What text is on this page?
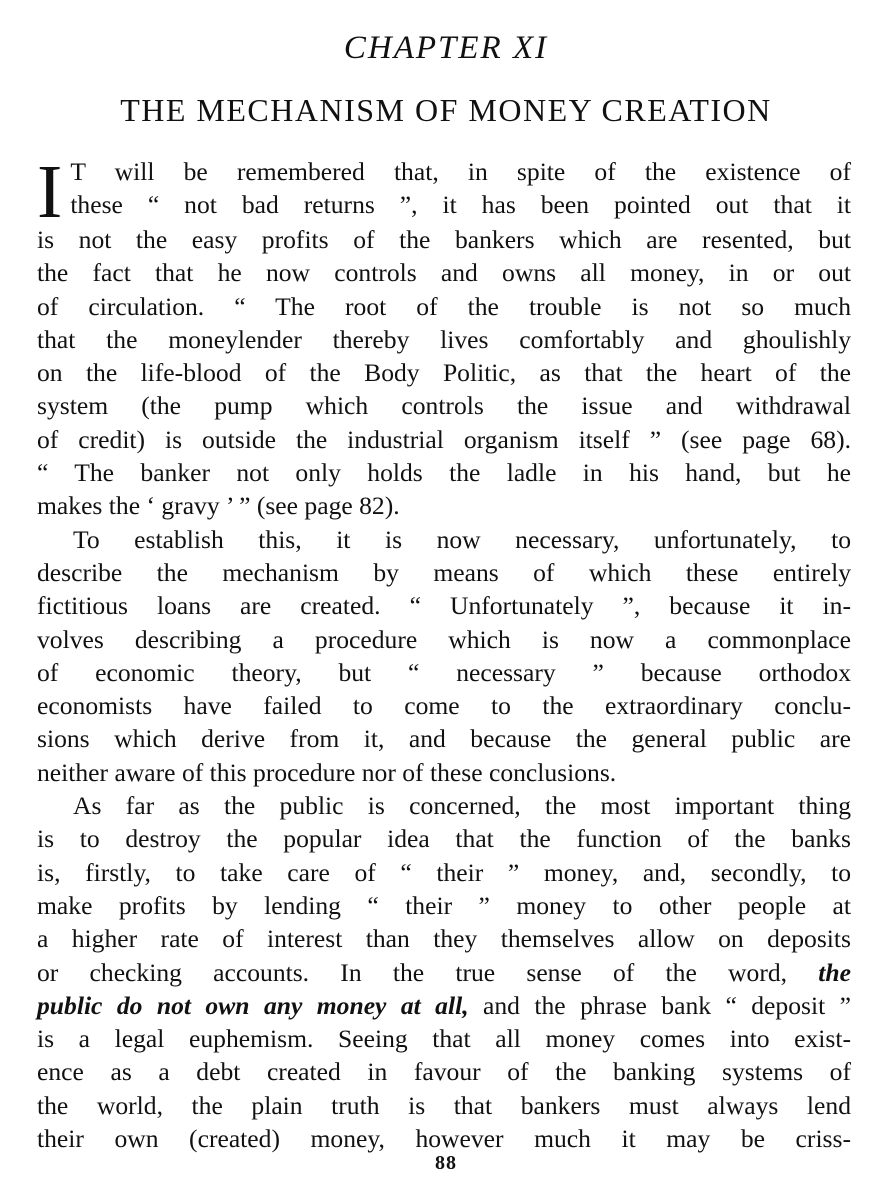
CHAPTER XI
THE MECHANISM OF MONEY CREATION
I T will be remembered that, in spite of the existence of
these “ not bad returns ”, it has been pointed out that it
is not the easy profits of the bankers which are resented, but
the fact that he now controls and owns all money, in or out
of circulation. “ The root of the trouble is not so much
that the moneylender thereby lives comfortably and ghoulishly
on the life-blood of the Body Politic, as that the heart of the
system (the pump which controls the issue and withdrawal
of credit) is outside the industrial organism itself ” (see page 68).
“ The banker not only holds the ladle in his hand, but he
makes the ‘ gravy ’ ” (see page 82).
To establish this, it is now necessary, unfortunately, to
describe the mechanism by means of which these entirely
fictitious loans are created. “ Unfortunately ”, because it in-
volves describing a procedure which is now a commonplace
of economic theory, but “ necessary ” because orthodox
economists have failed to come to the extraordinary conclu-
sions which derive from it, and because the general public are
neither aware of this procedure nor of these conclusions.
As far as the public is concerned, the most important thing
is to destroy the popular idea that the function of the banks
is, firstly, to take care of “ their ” money, and, secondly, to
make profits by lending “ their ” money to other people at
a higher rate of interest than they themselves allow on deposits
or checking accounts. In the true sense of the word, the
public do not own any money at all, and the phrase bank “ deposit ”
is a legal euphemism. Seeing that all money comes into exist-
ence as a debt created in favour of the banking systems of
the world, the plain truth is that bankers must always lend
their own (created) money, however much it may be criss-
88
